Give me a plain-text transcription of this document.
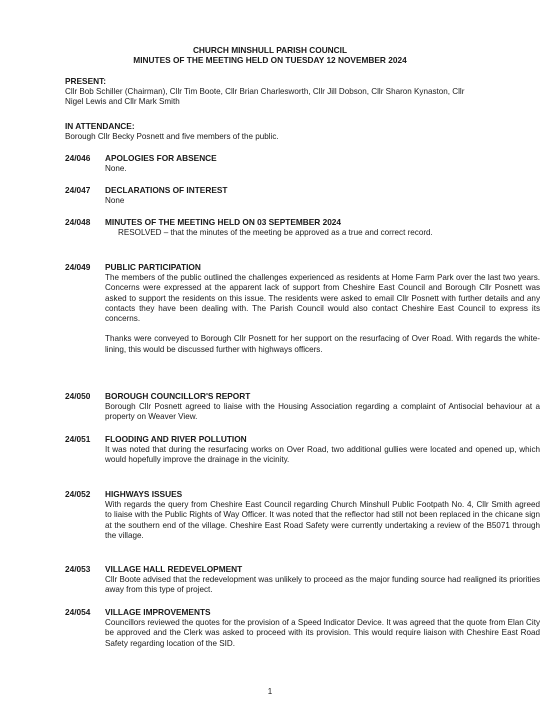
CHURCH MINSHULL PARISH COUNCIL
MINUTES OF THE MEETING HELD ON TUESDAY 12 NOVEMBER 2024
PRESENT:
Cllr Bob Schiller (Chairman), Cllr Tim Boote, Cllr Brian Charlesworth, Cllr Jill Dobson, Cllr Sharon Kynaston, Cllr Nigel Lewis and Cllr Mark Smith
IN ATTENDANCE:
Borough Cllr Becky Posnett and five members of the public.
24/046 APOLOGIES FOR ABSENCE

None.

24/047 DECLARATIONS OF INTEREST

None

24/048 MINUTES OF THE MEETING HELD ON 03 SEPTEMBER 2024

RESOLVED – that the minutes of the meeting be approved as a true and correct record.

24/049 PUBLIC PARTICIPATION

The members of the public outlined the challenges experienced as residents at Home Farm Park over the last two years. Concerns were expressed at the apparent lack of support from Cheshire East Council and Borough Cllr Posnett was asked to support the residents on this issue. The residents were asked to email Cllr Posnett with further details and any contacts they have been dealing with. The Parish Council would also contact Cheshire East Council to express its concerns.

Thanks were conveyed to Borough Cllr Posnett for her support on the resurfacing of Over Road. With regards the white-lining, this would be discussed further with highways officers.

24/050 BOROUGH COUNCILLOR'S REPORT

Borough Cllr Posnett agreed to liaise with the Housing Association regarding a complaint of Antisocial behaviour at a property on Weaver View.

24/051 FLOODING AND RIVER POLLUTION

It was noted that during the resurfacing works on Over Road, two additional gullies were located and opened up, which would hopefully improve the drainage in the vicinity.

24/052 HIGHWAYS ISSUES

With regards the query from Cheshire East Council regarding Church Minshull Public Footpath No. 4, Cllr Smith agreed to liaise with the Public Rights of Way Officer. It was noted that the reflector had still not been replaced in the chicane sign at the southern end of the village. Cheshire East Road Safety were currently undertaking a review of the B5071 through the village.

24/053 VILLAGE HALL REDEVELOPMENT

Cllr Boote advised that the redevelopment was unlikely to proceed as the major funding source had realigned its priorities away from this type of project.

24/054 VILLAGE IMPROVEMENTS

Councillors reviewed the quotes for the provision of a Speed Indicator Device. It was agreed that the quote from Elan City be approved and the Clerk was asked to proceed with its provision. This would require liaison with Cheshire East Road Safety regarding location of the SID.

1
